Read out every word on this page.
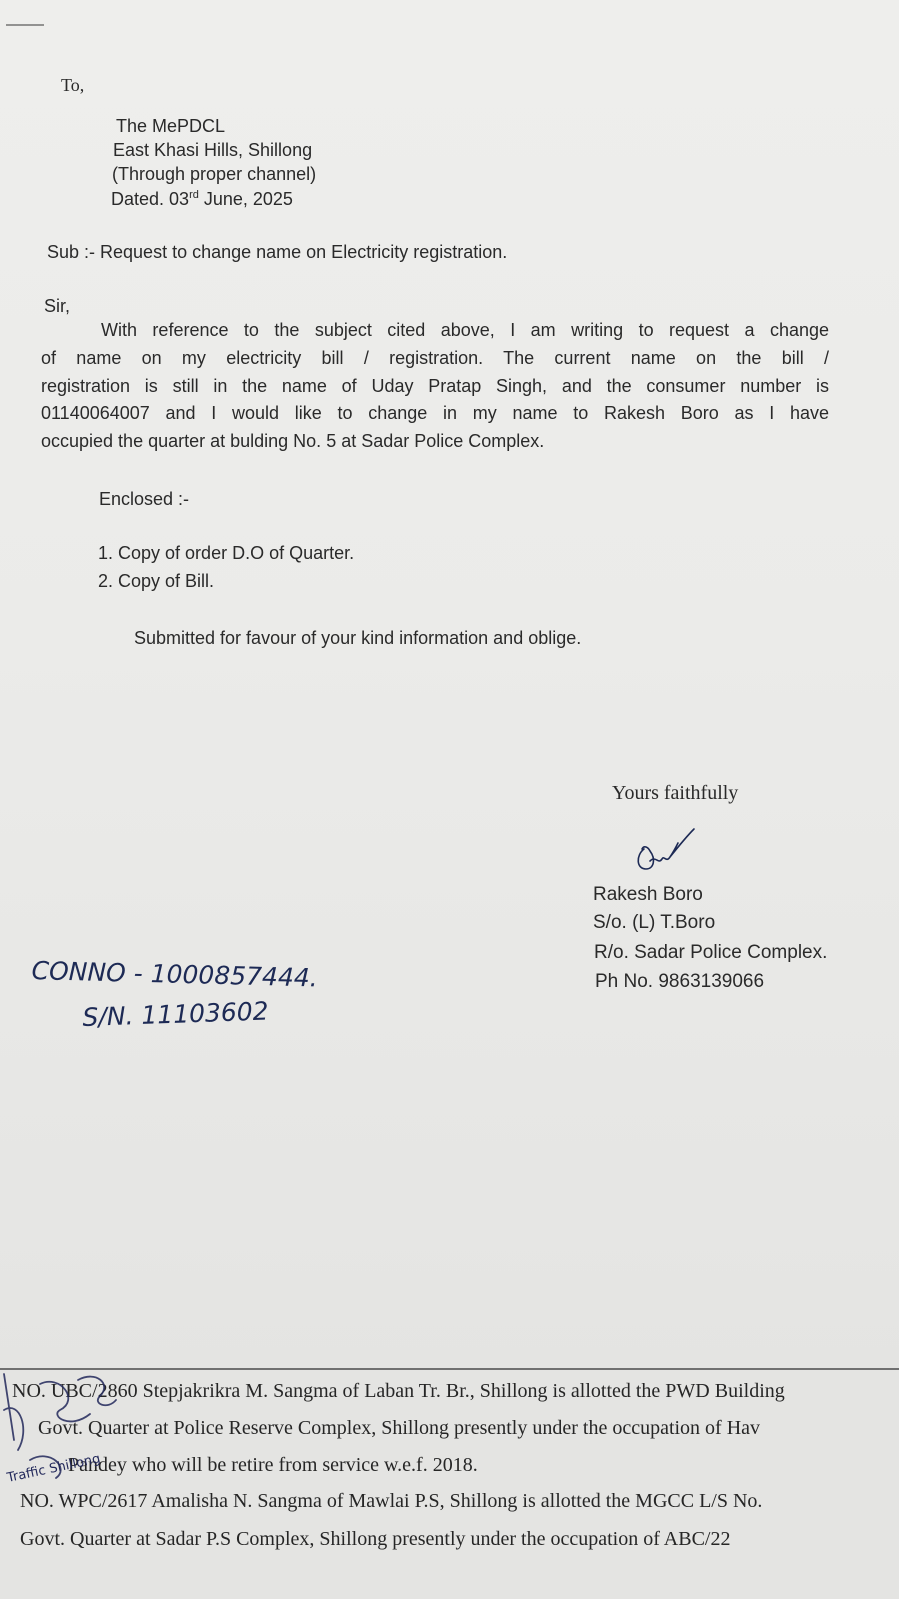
To,
The MePDCL
East Khasi Hills, Shillong
(Through proper channel)
Dated. 03rd June, 2025
Sub :- Request to change name on Electricity registration.
Sir,
With reference to the subject cited above, I am writing to request a change
of name on my electricity bill / registration. The current name on the bill /
registration is still in the name of Uday Pratap Singh, and the consumer number is
01140064007 and I would like to change in my name to Rakesh Boro as I have
occupied the quarter at bulding No. 5 at Sadar Police Complex.
Enclosed :-
1. Copy of order D.O of Quarter.
2. Copy of Bill.
Submitted for favour of your kind information and oblige.
Yours faithfully
Rakesh Boro
S/o. (L) T.Boro
R/o. Sadar Police Complex.
Ph No. 9863139066
CONNO - 1000857444.
S/N. 11103602
NO. UBC/2860 Stepjakrikra M. Sangma of Laban Tr. Br., Shillong is allotted the PWD Building
Govt. Quarter at Police Reserve Complex, Shillong presently under the occupation of Hav
Pandey who will be retire from service w.e.f. 2018.
NO. WPC/2617 Amalisha N. Sangma of Mawlai P.S, Shillong is allotted the MGCC L/S No.
Govt. Quarter at Sadar P.S Complex, Shillong presently under the occupation of ABC/22
Traffic Shillong
